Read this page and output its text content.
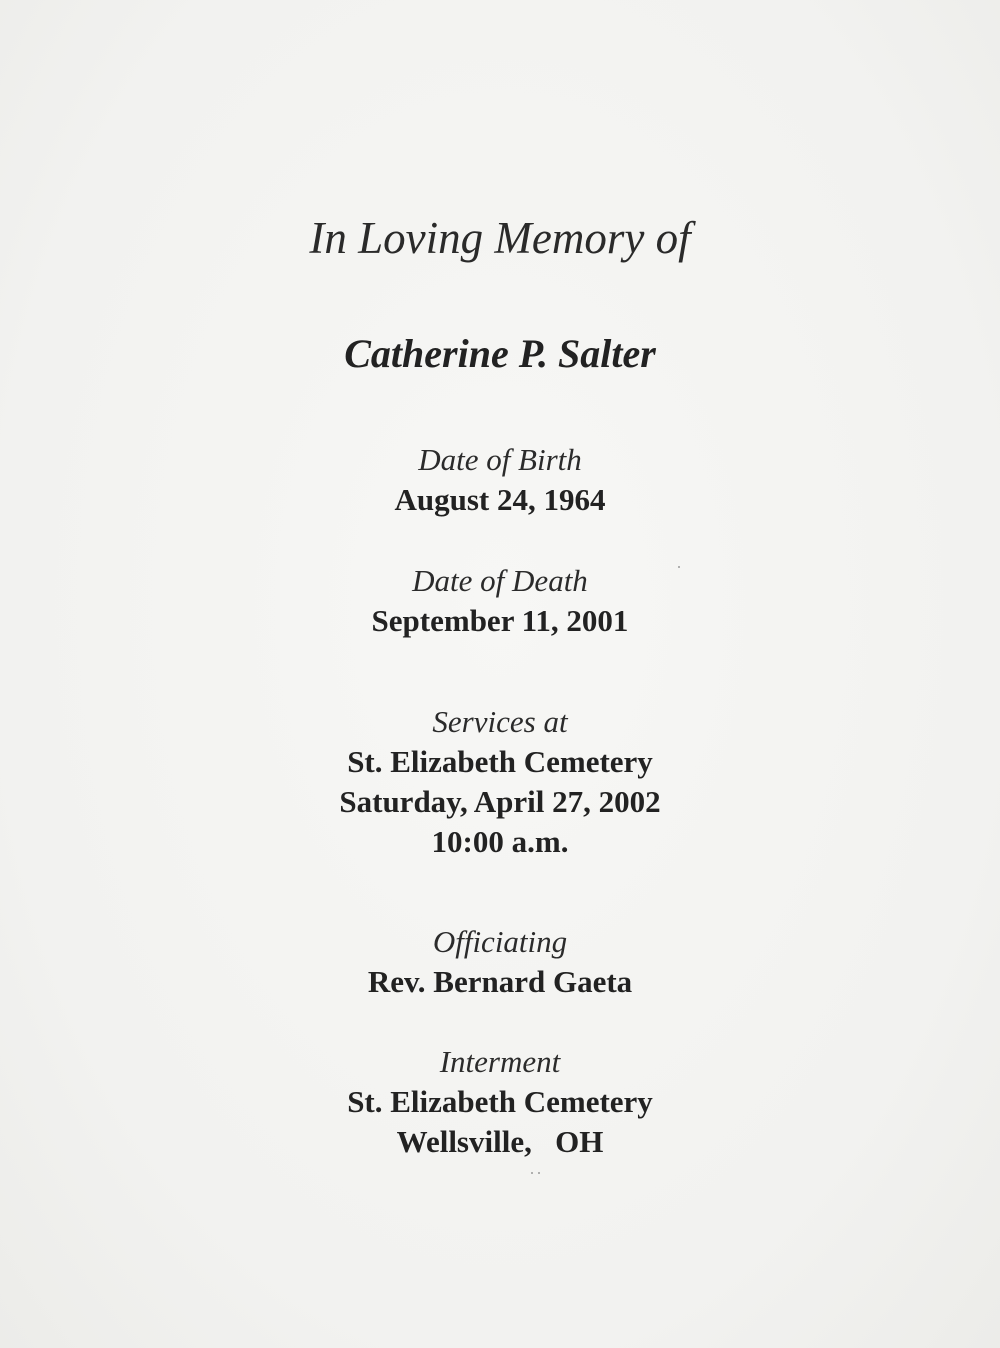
In Loving Memory of
Catherine P. Salter
Date of Birth
August 24, 1964
Date of Death
September 11, 2001
Services at
St. Elizabeth Cemetery
Saturday, April 27, 2002
10:00 a.m.
Officiating
Rev. Bernard Gaeta
Interment
St. Elizabeth Cemetery
Wellsville,   OH
